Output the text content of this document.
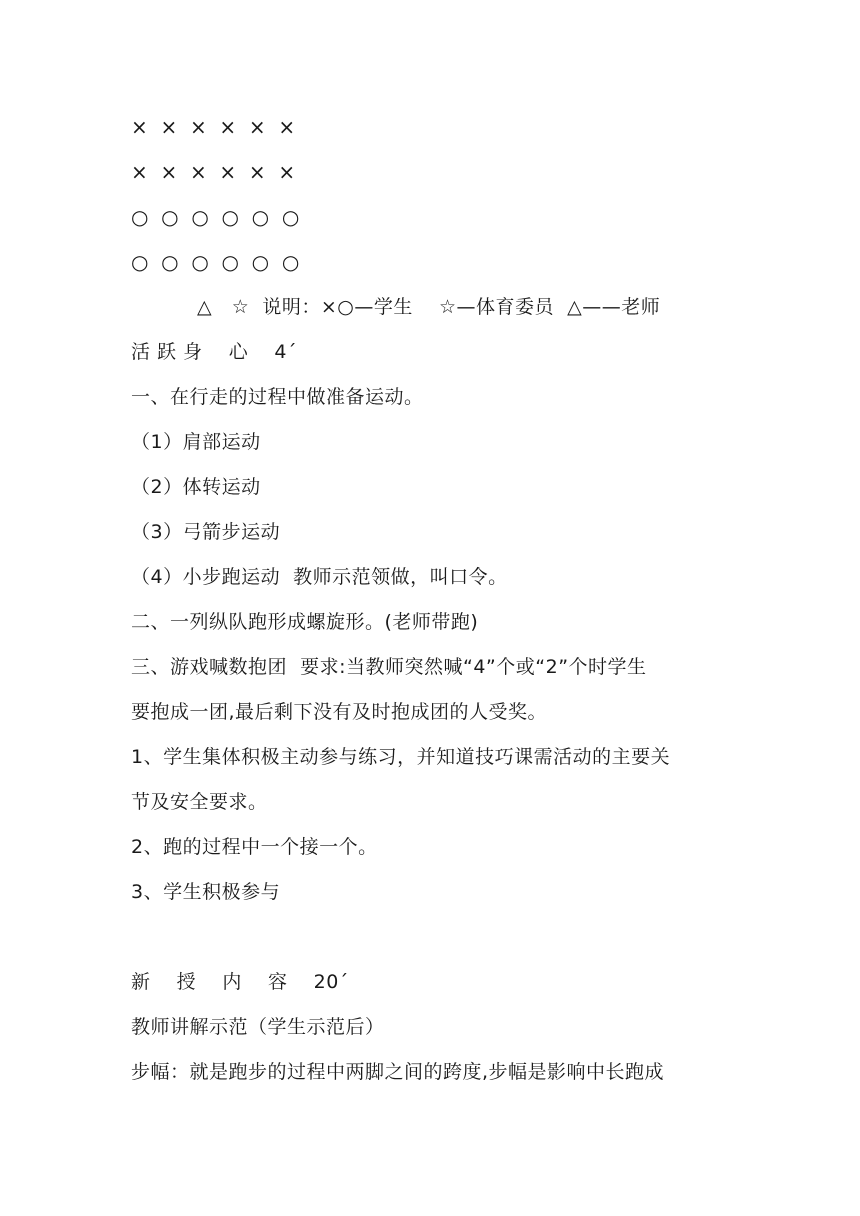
×  ×  ×  ×  ×  ×
×  ×  ×  ×  ×  ×
○  ○  ○  ○  ○  ○
○  ○  ○  ○  ○  ○
△   ☆  说明：×○—学生    ☆—体育委员  △——老师
活 跃 身    心    4´
一、在行走的过程中做准备运动。
（1）肩部运动
（2）体转运动
（3）弓箭步运动
（4）小步跑运动  教师示范领做，叫口令。
二、一列纵队跑形成螺旋形。(老师带跑)
三、游戏喊数抱团  要求:当教师突然喊“4”个或“2”个时学生
要抱成一团,最后剩下没有及时抱成团的人受奖。
1、学生集体积极主动参与练习，并知道技巧课需活动的主要关
节及安全要求。
2、跑的过程中一个接一个。
3、学生积极参与
新    授    内    容    20´
教师讲解示范（学生示范后）
步幅：就是跑步的过程中两脚之间的跨度,步幅是影响中长跑成
